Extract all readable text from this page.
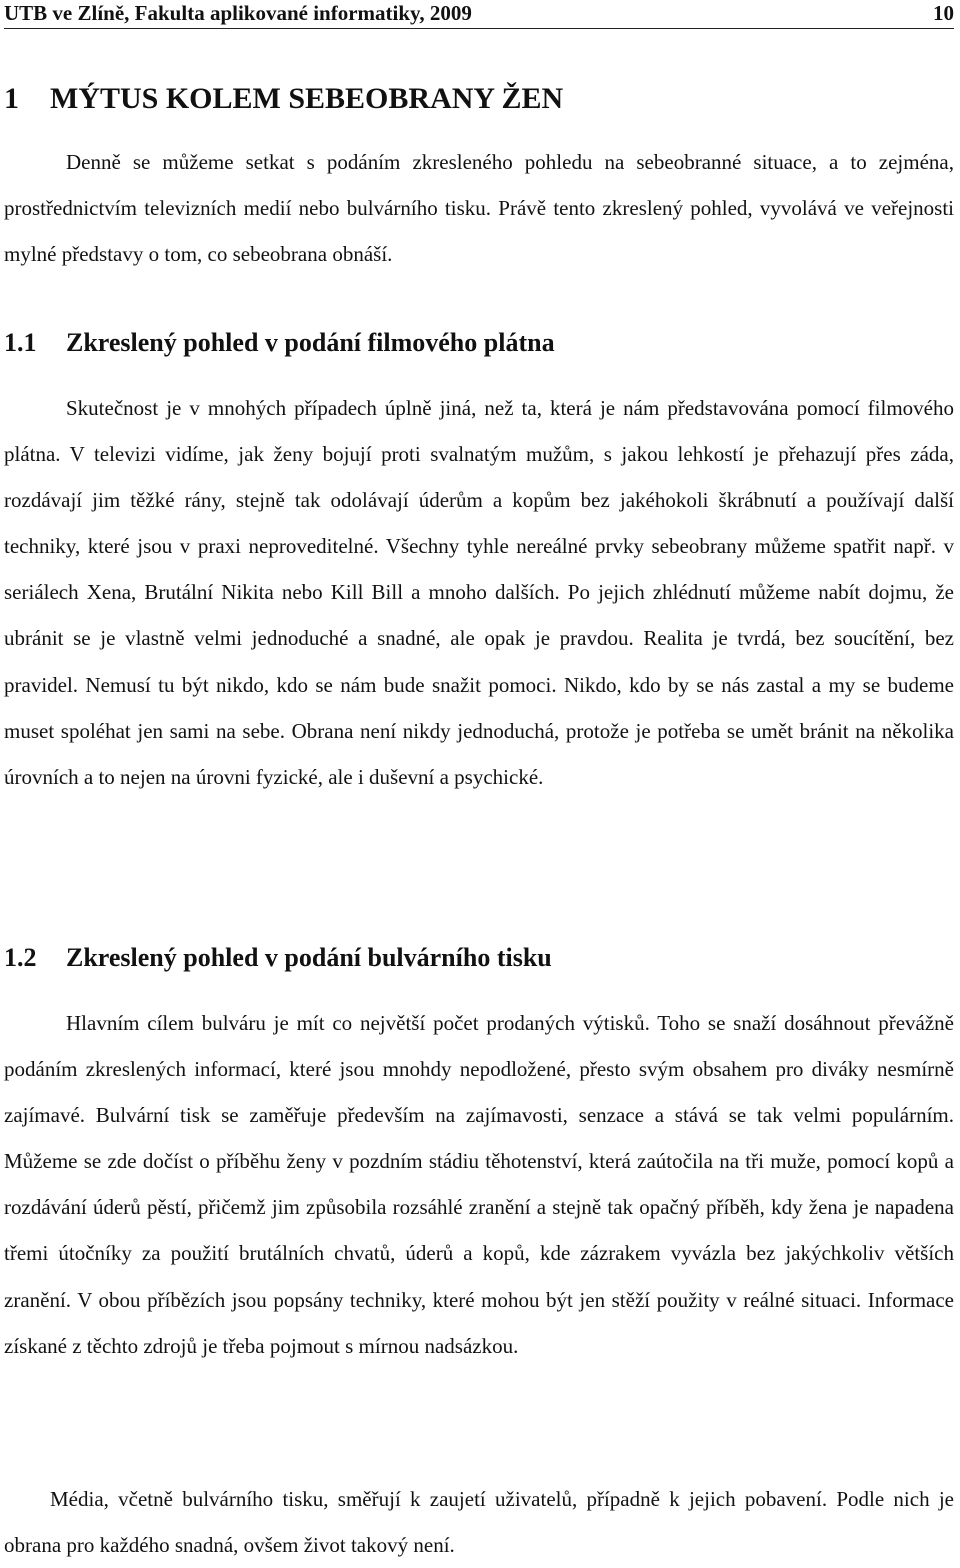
UTB ve Zlíně, Fakulta aplikované informatiky, 2009	10
1 MÝTUS KOLEM SEBEOBRANY ŽEN

Denně se můžeme setkat s podáním zkresleného pohledu na sebeobranné situace, a to zejména, prostřednictvím televizních medií nebo bulvárního tisku. Právě tento zkreslený pohled, vyvolává ve veřejnosti mylné představy o tom, co sebeobrana obnáší.

1.1 Zkreslený pohled v podání filmového plátna

Skutečnost je v mnohých případech úplně jiná, než ta, která je nám představována pomocí filmového plátna. V televizi vidíme, jak ženy bojují proti svalnatým mužům, s jakou lehkostí je přehazují přes záda, rozdávají jim těžké rány, stejně tak odolávají úderům a kopům bez jakéhokoli škrábnutí a používají další techniky, které jsou v praxi neproveditelné. Všechny tyhle nereálné prvky sebeobrany můžeme spatřit např. v seriálech Xena, Brutální Nikita nebo Kill Bill a mnoho dalších. Po jejich zhlédnutí můžeme nabít dojmu, že ubránit se je vlastně velmi jednoduché a snadné, ale opak je pravdou. Realita je tvrdá, bez soucítění, bez pravidel. Nemusí tu být nikdo, kdo se nám bude snažit pomoci. Nikdo, kdo by se nás zastal a my se budeme muset spoléhat jen sami na sebe. Obrana není nikdy jednoduchá, protože je potřeba se umět bránit na několika úrovních a to nejen na úrovni fyzické, ale i duševní a psychické.

1.2 Zkreslený pohled v podání bulvárního tisku

Hlavním cílem bulváru je mít co největší počet prodaných výtisků. Toho se snaží dosáhnout převážně podáním zkreslených informací, které jsou mnohdy nepodložené, přesto svým obsahem pro diváky nesmírně zajímavé. Bulvární tisk se zaměřuje především na zajímavosti, senzace a stává se tak velmi populárním. Můžeme se zde dočíst o příběhu ženy v pozdním stádiu těhotenství, která zaútočila na tři muže, pomocí kopů a rozdávání úderů pěstí, přičemž jim způsobila rozsáhlé zranění a stejně tak opačný příběh, kdy žena je napadena třemi útočníky za použití brutálních chvatů, úderů a kopů, kde zázrakem vyvázla bez jakýchkoliv větších zranění. V obou příbězích jsou popsány techniky, které mohou být jen stěží použity v reálné situaci. Informace získané z těchto zdrojů je třeba pojmout s mírnou nadsázkou.

Média, včetně bulvárního tisku, směřují k zaujetí uživatelů, případně k jejich pobavení. Podle nich je obrana pro každého snadná, ovšem život takový není.
